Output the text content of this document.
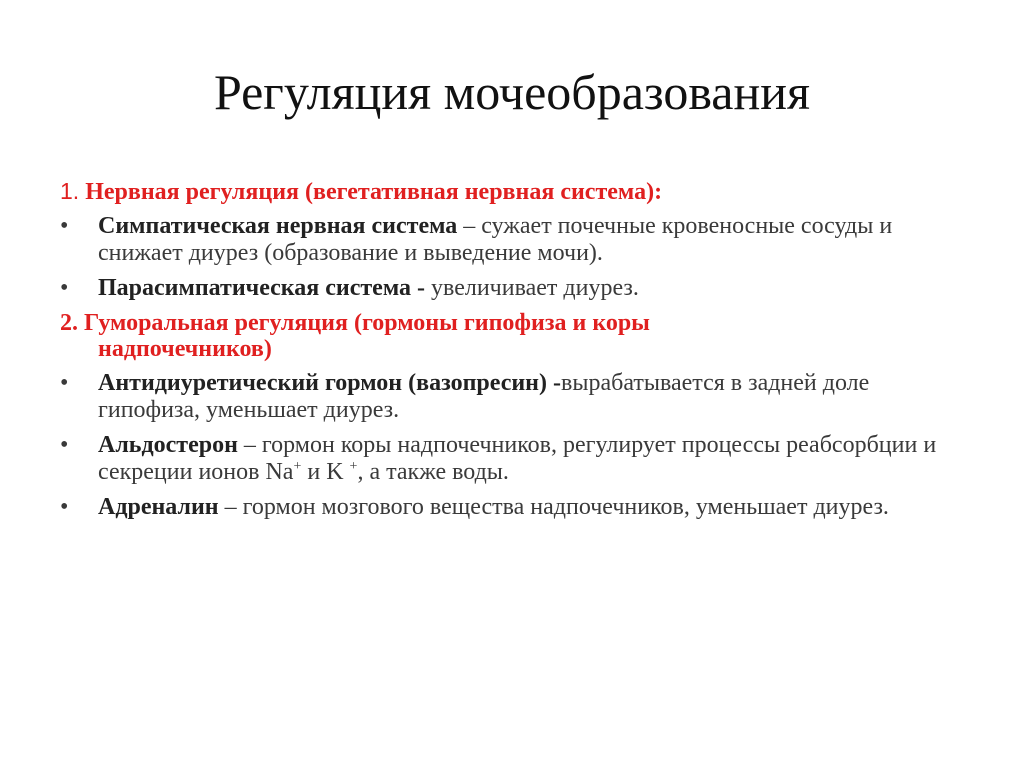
Регуляция мочеобразования
1. Нервная регуляция (вегетативная нервная система):
• Симпатическая нервная система – сужает почечные кровеносные сосуды и снижает диурез (образование и выведение мочи).
• Парасимпатическая система - увеличивает диурез.
2. Гуморальная регуляция (гормоны гипофиза и коры
надпочечников)
• Антидиуретический гормон (вазопресин) -вырабатывается в задней доле гипофиза, уменьшает диурез.
• Альдостерон – гормон коры надпочечников, регулирует процессы реабсорбции и секреции ионов Na+ и K +, а также воды.
• Адреналин – гормон мозгового вещества надпочечников, уменьшает диурез.
